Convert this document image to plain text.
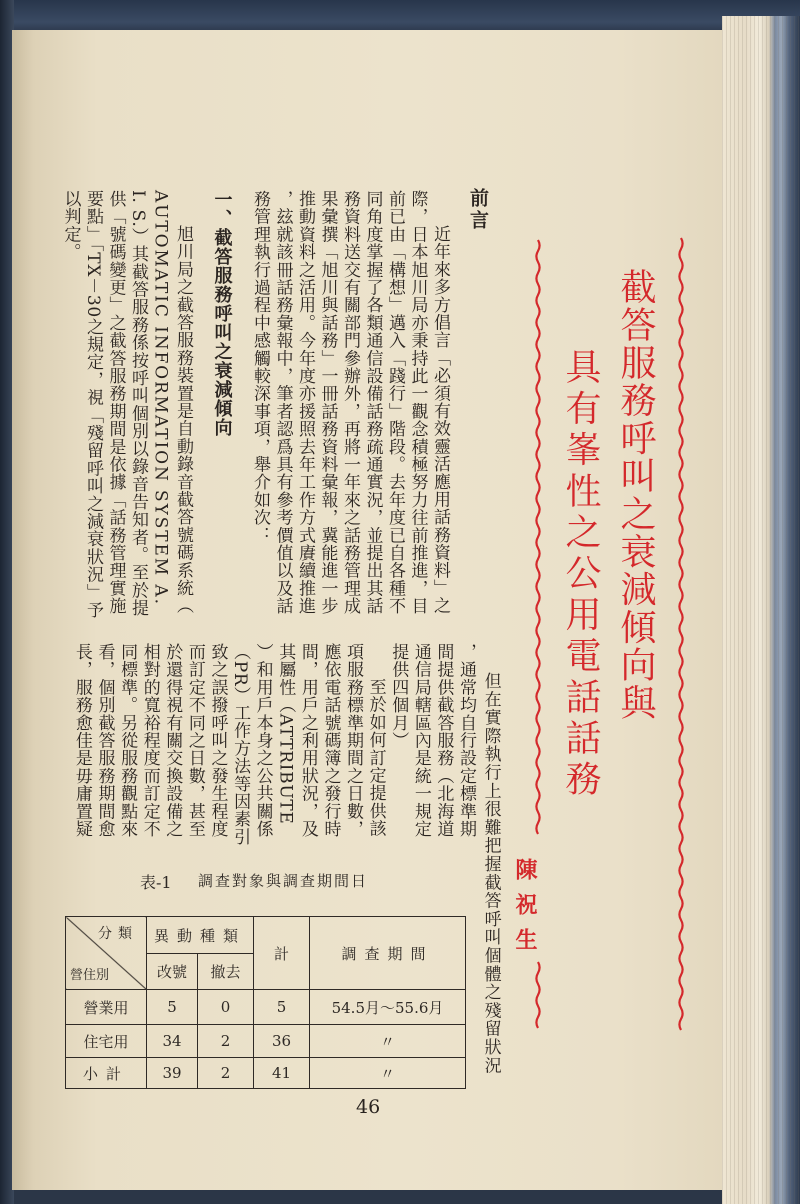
截答服務呼叫之衰減傾向與
具有峯性之公用電話話務
陳祝生
前言
近年來多方倡言「必須有效靈活應用話務資料」之
際，日本旭川局亦秉持此一觀念積極努力往前推進，目
前已由「構想」邁入「踐行」階段。去年度已自各種不
同角度掌握了各類通信設備話務疏通實況，並提出其話
務資料送交有關部門參辦外，再將一年來之話務管理成
果彙撰「旭川與話務」一冊話務資料彙報，冀能進一步
推動資料之活用。今年度亦援照去年工作方式賡續推進
，玆就該冊話務彙報中，筆者認爲具有參考價值以及話
務管理執行過程中感觸較深事項，舉介如次：
一、截答服務呼叫之衰減傾向
旭川局之截答服務裝置是自動錄音截答號碼系統（
AUTOMATIC INFORMATION SYSTEM A.
I. S.）其截答服務係按呼叫個別以錄音告知者。至於提
供「號碼變更」之截答服務期間是依據「話務管理實施
要點」「TX－30之規定，視「殘留呼叫之減衰狀況」予
以判定。
但在實際執行上很難把握截答呼叫個體之殘留狀況
，通常均自行設定標準期
間提供截答服務（北海道
通信局轄區內是統一規定
提供四個月）
至於如何訂定提供該
項服務標準期間之日數，
應依電話號碼簿之發行時
間，用戶之利用狀況，及
其屬性（ATTRIBUTE
）和用戶本身之公共關係
（PR）工作方法等因素引
致之誤撥呼叫之發生程度
而訂定不同之日數，甚至
於還得視有關交換設備之
相對的寬裕程度而訂定不
同標準。另從服務觀點來
看，個別截答服務期間愈
長，服務愈佳是毋庸置疑
表-1 調查對象與調查期間日
分類
營住別	異動種類		計	調查期間
	改號	撤去		
營業用	5	0	5	54.5月～55.6月
住宅用	34	2	36	〃
小計	39	2	41	〃
46
